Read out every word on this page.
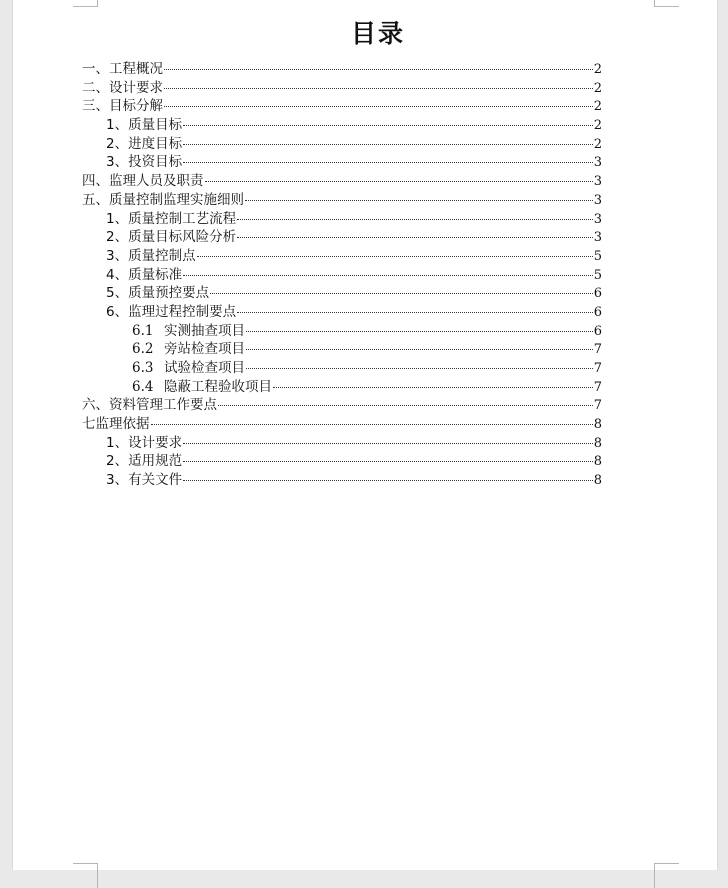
目录
一、工程概况	2
二、设计要求	2
三、目标分解	2
1、质量目标	2
2、进度目标	2
3、投资目标	3
四、监理人员及职责	3
五、质量控制监理实施细则	3
1、质量控制工艺流程	3
2、质量目标风险分析	3
3、质量控制点	5
4、质量标准	5
5、质量预控要点	6
6、监理过程控制要点	6
6.1 实测抽查项目	6
6.2 旁站检查项目	7
6.3 试验检查项目	7
6.4 隐蔽工程验收项目	7
六、资料管理工作要点	7
七监理依据	8
1、设计要求	8
2、适用规范	8
3、有关文件	8
